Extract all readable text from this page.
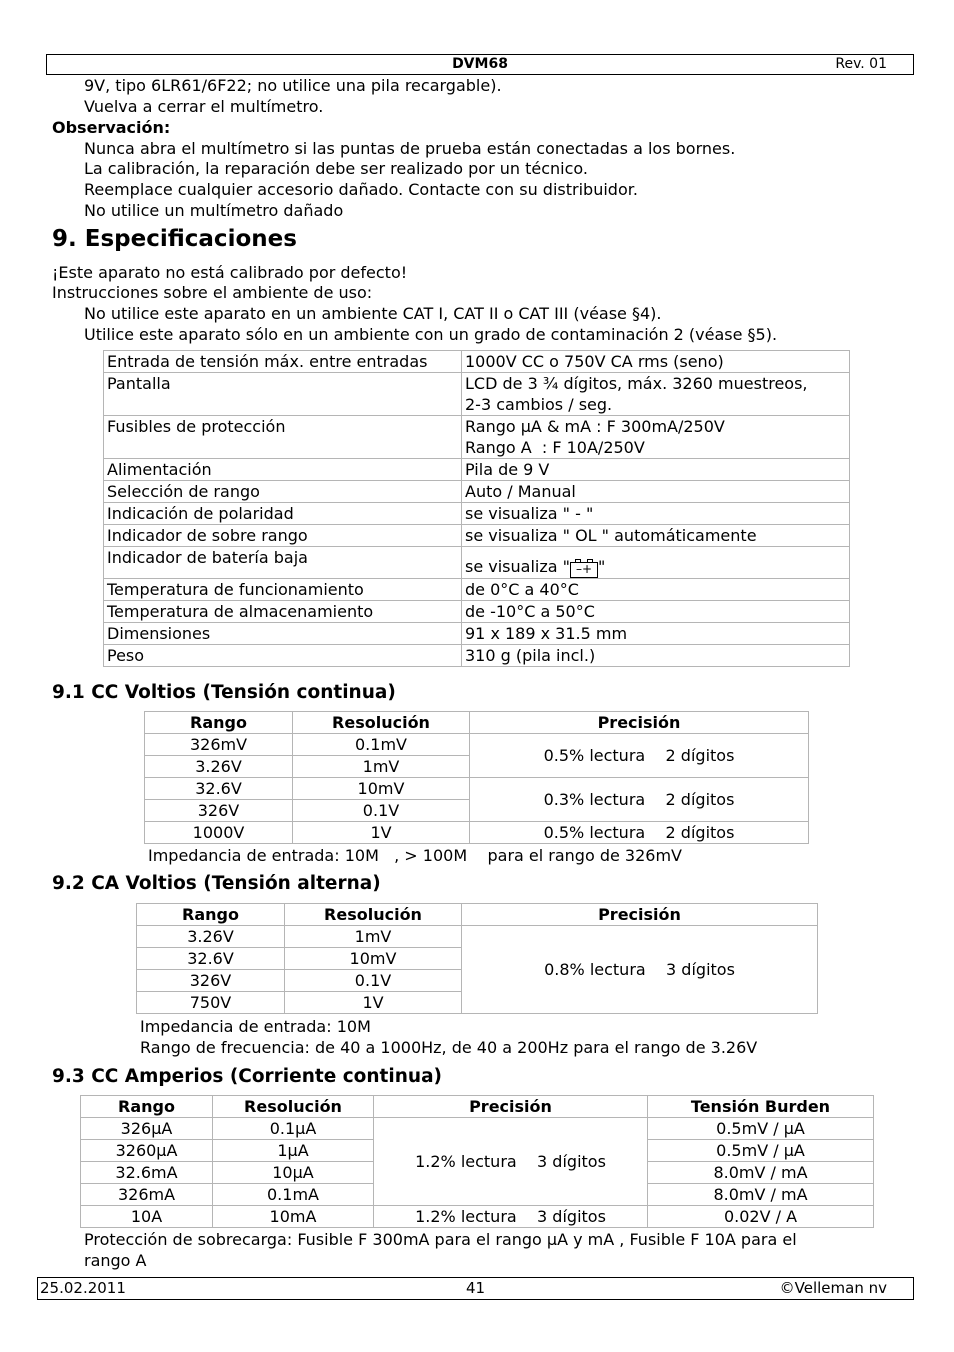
DVM68	Rev. 01
9V, tipo 6LR61/6F22; no utilice una pila recargable).
Vuelva a cerrar el multímetro.
Observación:
Nunca abra el multímetro si las puntas de prueba están conectadas a los bornes.
La calibración, la reparación debe ser realizado por un técnico.
Reemplace cualquier accesorio dañado. Contacte con su distribuidor.
No utilice un multímetro dañado
9. Especificaciones
¡Este aparato no está calibrado por defecto!
Instrucciones sobre el ambiente de uso:
No utilice este aparato en un ambiente CAT I, CAT II o CAT III (véase §4).
Utilice este aparato sólo en un ambiente con un grado de contaminación 2 (véase §5).
Entrada de tensión máx. entre entradas	1000V CC o 750V CA rms (seno)
Pantalla	LCD de 3 ¾ dígitos, máx. 3260 muestreos,
2-3 cambios / seg.

Fusibles de protección	Rango µA & mA : F 300mA/250V
Rango A  : F 10A/250V

Alimentación	Pila de 9 V
Selección de rango	Auto / Manual
Indicación de polaridad	se visualiza " - "
Indicador de sobre rango	se visualiza " OL " automáticamente
Indicador de batería baja	se visualiza " –+ "
Temperatura de funcionamiento	de 0°C a 40°C
Temperatura de almacenamiento	de -10°C a 50°C
Dimensiones	91 x 189 x 31.5 mm
Peso	310 g (pila incl.)
9.1 CC Voltios (Tensión continua)
Rango	Resolución	Precisión
326mV	0.1mV	0.5% lectura    2 dígitos
3.26V	1mV	
32.6V	10mV	0.3% lectura    2 dígitos
326V	0.1V	
1000V	1V	0.5% lectura    2 dígitos
Impedancia de entrada: 10M   , > 100M    para el rango de 326mV
9.2 CA Voltios (Tensión alterna)
Rango	Resolución	Precisión
3.26V	1mV	0.8% lectura    3 dígitos
32.6V	10mV	
326V	0.1V	
750V	1V	
Impedancia de entrada: 10M
Rango de frecuencia: de 40 a 1000Hz, de 40 a 200Hz para el rango de 3.26V
9.3 CC Amperios (Corriente continua)
Rango	Resolución	Precisión	Tensión Burden
326µA	0.1µA	1.2% lectura    3 dígitos	0.5mV / µA
3260µA	1µA		0.5mV / µA
32.6mA	10µA		8.0mV / mA
326mA	0.1mA		8.0mV / mA
10A	10mA	1.2% lectura    3 dígitos	0.02V / A
Protección de sobrecarga: Fusible F 300mA para el rango µA y mA , Fusible F 10A para el
rango A
25.02.2011	41	©Velleman nv
